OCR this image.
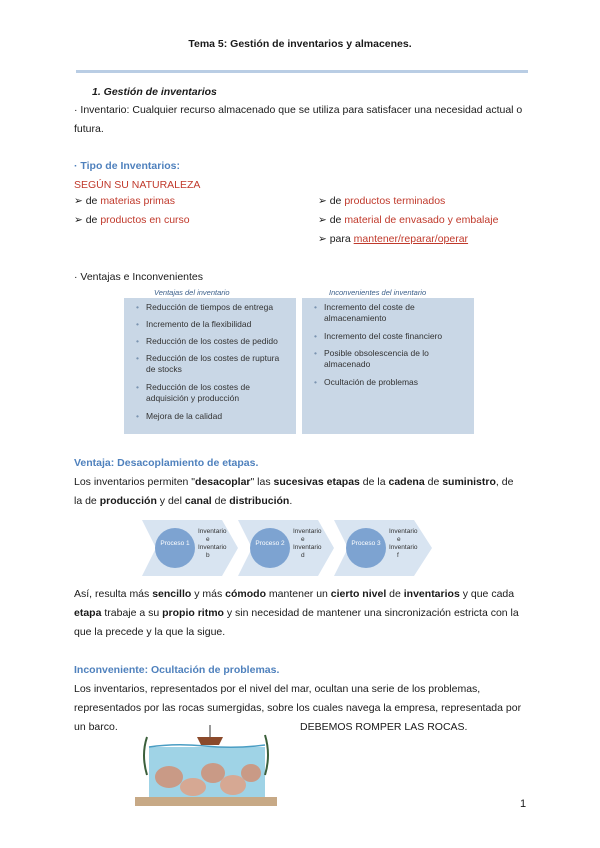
Tema 5: Gestión de inventarios y almacenes.
1. Gestión de inventarios
· Inventario: Cualquier recurso almacenado que se utiliza para satisfacer una necesidad actual o
futura.
· Tipo de Inventarios:
SEGÚN SU NATURALEZA
➢ de materias primas
➢ de productos en curso
➢ de productos terminados
➢ de material de envasado y embalaje
➢ para mantener/reparar/operar
· Ventajas e Inconvenientes
Ventajas del inventario	Inconvenientes del inventario
• Reducción de tiempos de entrega
• Incremento de la flexibilidad
• Reducción de los costes de pedido
• Reducción de los costes de ruptura de stocks
• Reducción de los costes de adquisición y producción
• Mejora de la calidad
• Incremento del coste de almacenamiento
• Incremento del coste financiero
• Posible obsolescencia de lo almacenado
• Ocultación de problemas
Ventaja: Desacoplamiento de etapas.
Los inventarios permiten "desacoplar" las sucesivas etapas de la cadena de suministro, de
la de producción y del canal de distribución.
Proceso 1
Inventario
e
Inventario
b
Proceso 2
Inventario
e
Inventario
d
Proceso 3
Inventario
e
Inventario
f
Así, resulta más sencillo y más cómodo mantener un cierto nivel de inventarios y que cada
etapa trabaje a su propio ritmo y sin necesidad de mantener una sincronización estricta con la
que la precede y la que la sigue.
Inconveniente: Ocultación de problemas.
Los inventarios, representados por el nivel del mar, ocultan una serie de los problemas,
representados por las rocas sumergidas, sobre los cuales navega la empresa, representada por
un barco.	DEBEMOS ROMPER LAS ROCAS.
1
